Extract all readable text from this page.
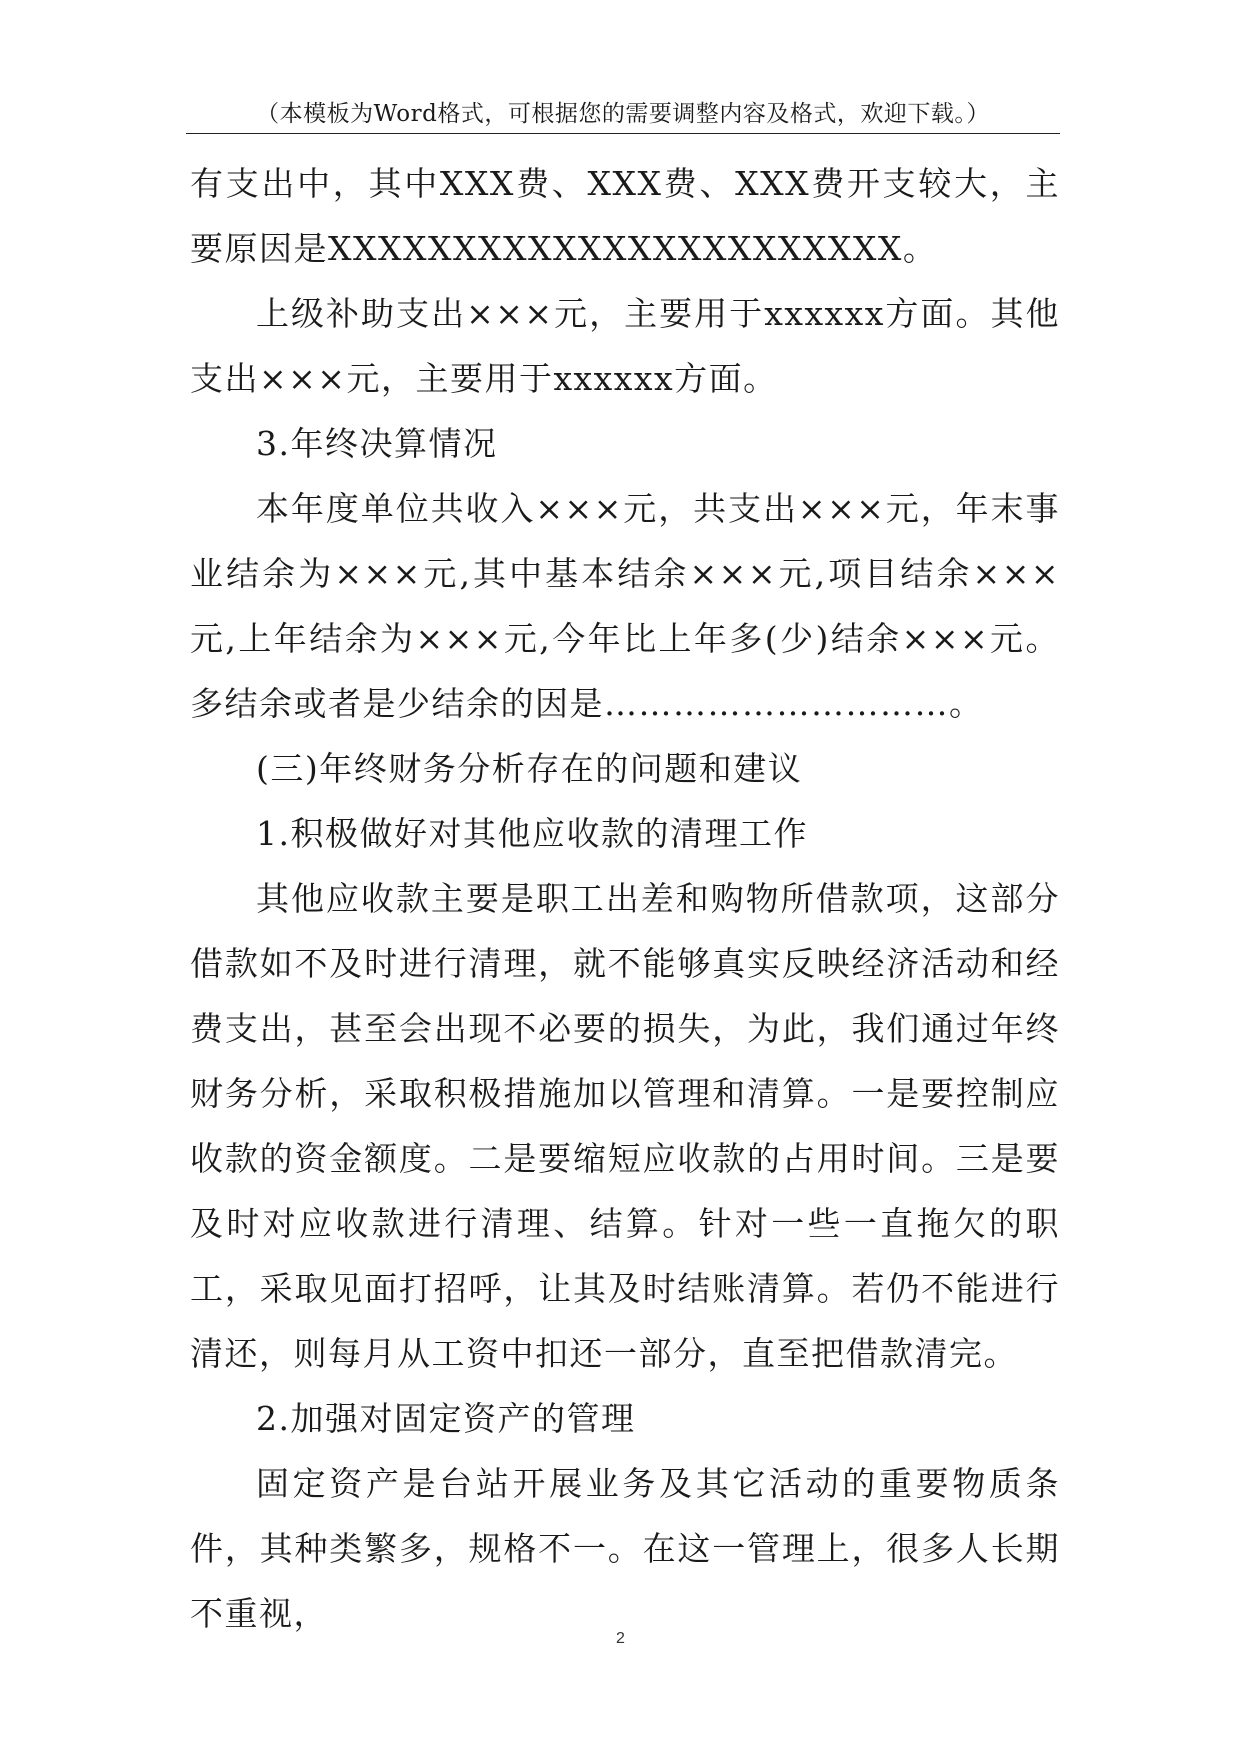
（本模板为Word格式，可根据您的需要调整内容及格式，欢迎下载。）

有支出中，其中XXX费、XXX费、XXX费开支较大，主要原因是XXXXXXXXXXXXXXXXXXXXXXX。

上级补助支出×××元，主要用于xxxxxx方面。其他支出×××元，主要用于xxxxxx方面。

3.年终决算情况

本年度单位共收入×××元，共支出×××元，年末事业结余为×××元,其中基本结余×××元,项目结余×××元,上年结余为×××元,今年比上年多(少)结余×××元。多结余或者是少结余的因是…………………………。

(三)年终财务分析存在的问题和建议

1.积极做好对其他应收款的清理工作

其他应收款主要是职工出差和购物所借款项，这部分借款如不及时进行清理，就不能够真实反映经济活动和经费支出，甚至会出现不必要的损失，为此，我们通过年终财务分析，采取积极措施加以管理和清算。一是要控制应收款的资金额度。二是要缩短应收款的占用时间。三是要及时对应收款进行清理、结算。针对一些一直拖欠的职工，采取见面打招呼，让其及时结账清算。若仍不能进行清还，则每月从工资中扣还一部分，直至把借款清完。

2.加强对固定资产的管理

固定资产是台站开展业务及其它活动的重要物质条件，其种类繁多，规格不一。在这一管理上，很多人长期不重视，

2
